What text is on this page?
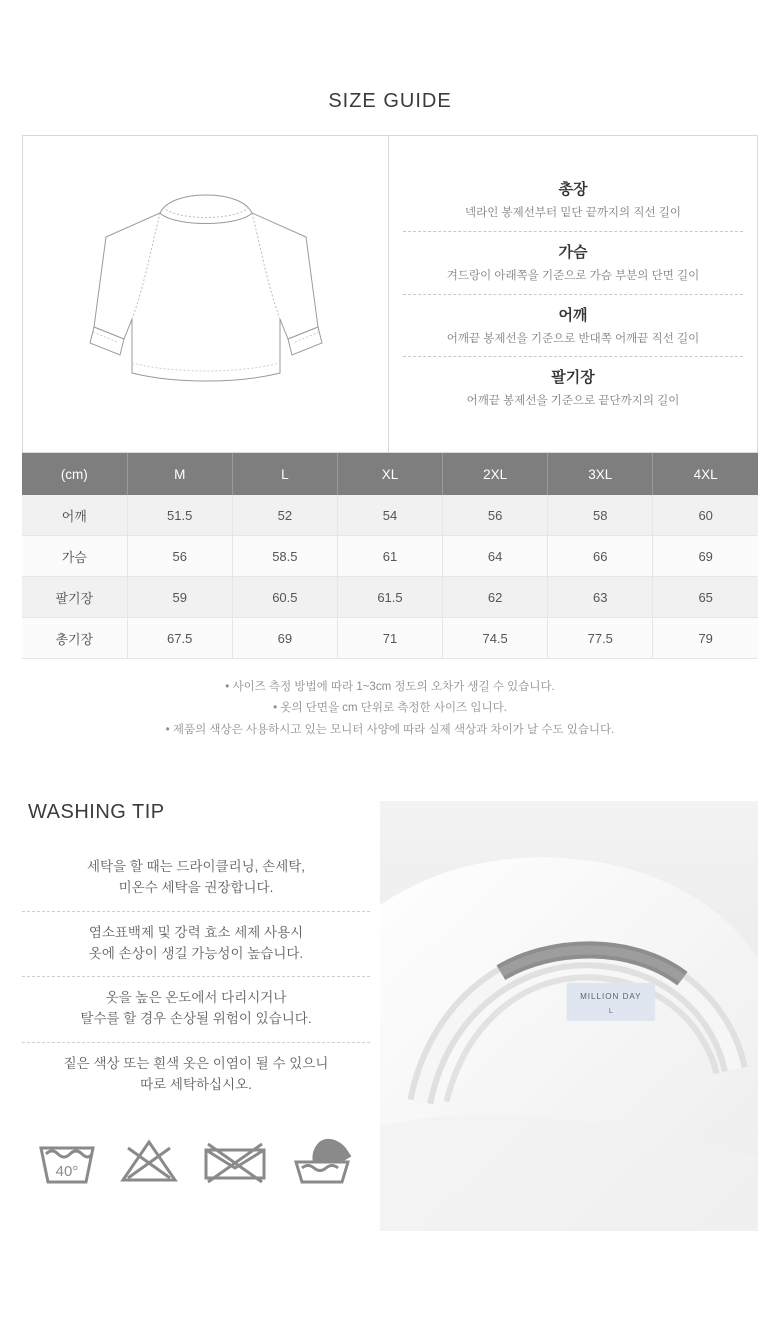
SIZE GUIDE
총장
넥라인 봉제선부터 밑단 끝까지의 직선 길이
가슴
겨드랑이 아래쪽을 기준으로 가슴 부분의 단면 길이
어깨
어깨끝 봉제선을 기준으로 반대쪽 어깨끝 직선 길이
팔기장
어깨끝 봉제선을 기준으로 끝단까지의 길이
(cm)	M	L	XL	2XL	3XL	4XL
어깨	51.5	52	54	56	58	60
가슴	56	58.5	61	64	66	69
팔기장	59	60.5	61.5	62	63	65
총기장	67.5	69	71	74.5	77.5	79
• 사이즈 측정 방법에 따라 1~3cm 정도의 오차가 생길 수 있습니다.
• 옷의 단면을 cm 단위로 측정한 사이즈 입니다.
• 제품의 색상은 사용하시고 있는 모니터 사양에 따라 실제 색상과 차이가 날 수도 있습니다.
WASHING TIP
세탁을 할 때는 드라이클리닝, 손세탁,
미온수 세탁을 권장합니다.
염소표백제 및 강력 효소 세제 사용시
옷에 손상이 생길 가능성이 높습니다.
옷을 높은 온도에서 다리시거나
탈수를 할 경우 손상될 위험이 있습니다.
짙은 색상 또는 흰색 옷은 이염이 될 수 있으니
따로 세탁하십시오.
40°
MILLION DAY
L
